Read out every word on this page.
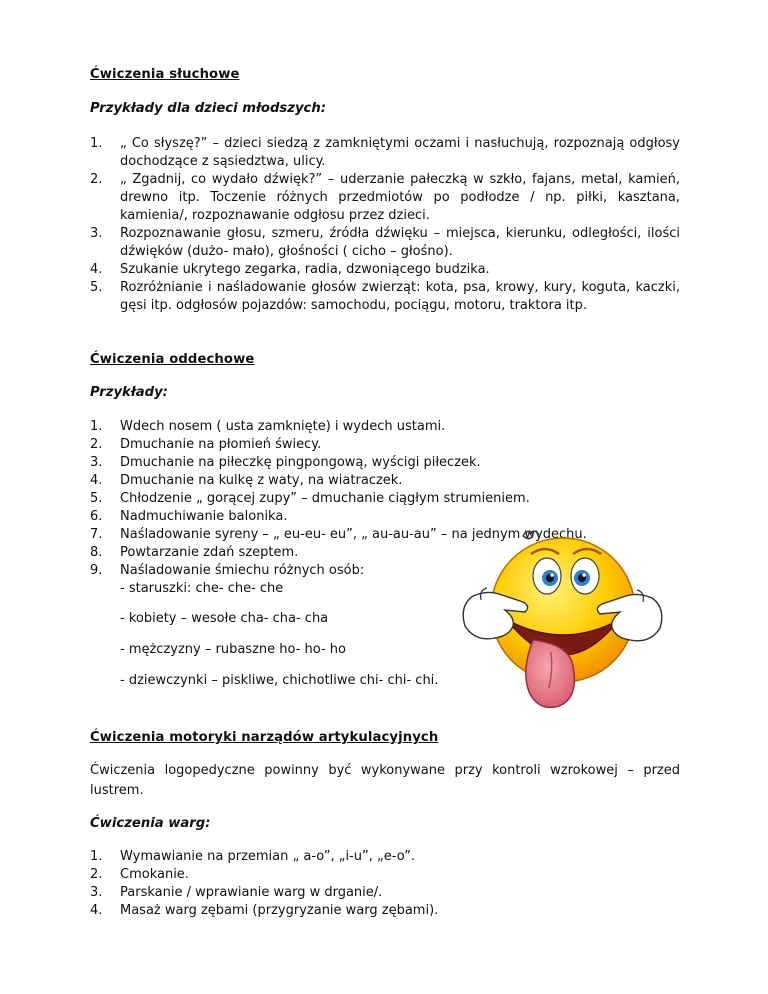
Ćwiczenia słuchowe
Przykłady dla dzieci młodszych:
1.	„ Co słyszę?” – dzieci siedzą z zamkniętymi oczami i nasłuchują, rozpoznają odgłosy dochodzące z sąsiedztwa, ulicy.
2.	„ Zgadnij, co wydało dźwięk?” – uderzanie pałeczką w szkło, fajans, metal, kamień, drewno itp. Toczenie różnych przedmiotów po podłodze / np. piłki, kasztana, kamienia/, rozpoznawanie odgłosu przez dzieci.
3.	Rozpoznawanie głosu, szmeru, źródła dźwięku – miejsca, kierunku, odległości, ilości dźwięków (dużo- mało), głośności ( cicho – głośno).
4.	Szukanie ukrytego zegarka, radia, dzwoniącego budzika.
5.	Rozróżnianie i naśladowanie głosów zwierząt: kota, psa, krowy, kury, koguta, kaczki, gęsi itp. odgłosów pojazdów: samochodu, pociągu, motoru, traktora itp.
Ćwiczenia oddechowe
Przykłady:
1.	Wdech nosem ( usta zamknięte) i wydech ustami.
2.	Dmuchanie na płomień świecy.
3.	Dmuchanie na piłeczkę pingpongową, wyścigi piłeczek.
4.	Dmuchanie na kulkę z waty, na wiatraczek.
5.	Chłodzenie „ gorącej zupy” – dmuchanie ciągłym strumieniem.
6.	Nadmuchiwanie balonika.
7.	Naśladowanie syreny – „ eu-eu- eu”, „ au-au-au” – na jednym wydechu.
8.	Powtarzanie zdań szeptem.
9.	Naśladowanie śmiechu różnych osób:
- staruszki: che- che- che
- kobiety – wesołe cha- cha- cha
- mężczyzny – rubaszne ho- ho- ho
- dziewczynki – piskliwe, chichotliwe chi- chi- chi.
Ćwiczenia motoryki narządów artykulacyjnych
Ćwiczenia logopedyczne powinny być wykonywane przy kontroli wzrokowej – przed lustrem.
Ćwiczenia warg:
1.	Wymawianie na przemian „ a-o”, „i-u”, „e-o”.
2.	Cmokanie.
3.	Parskanie / wprawianie warg w drganie/.
4.	Masaż warg zębami (przygryzanie warg zębami).
